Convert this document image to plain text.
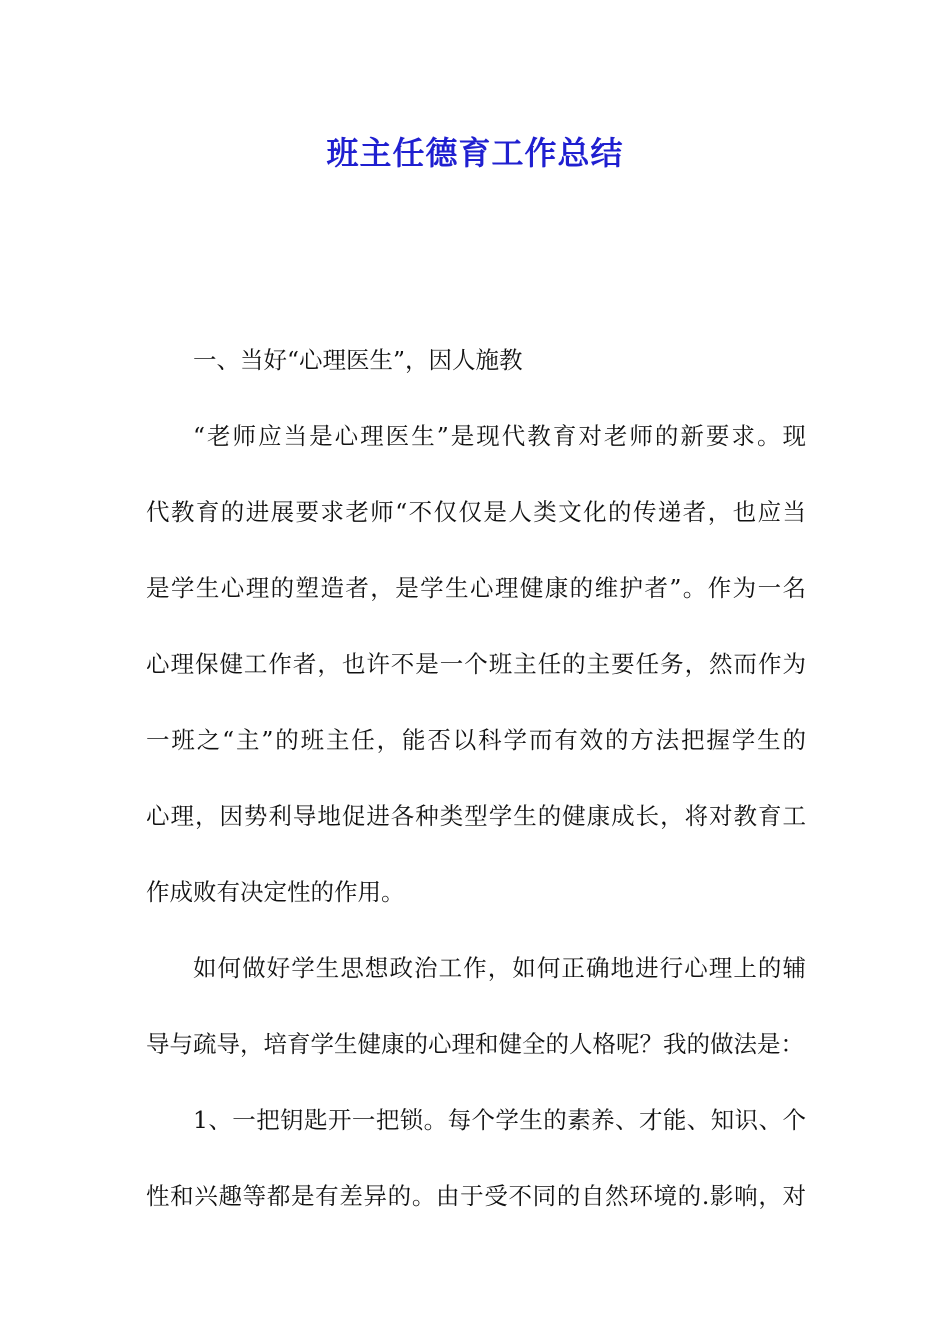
班主任德育工作总结
一、当好“心理医生”，因人施教
“老师应当是心理医生”是现代教育对老师的新要求。现
代教育的进展要求老师“不仅仅是人类文化的传递者，也应当
是学生心理的塑造者，是学生心理健康的维护者”。作为一名
心理保健工作者，也许不是一个班主任的主要任务，然而作为
一班之“主”的班主任，能否以科学而有效的方法把握学生的
心理，因势利导地促进各种类型学生的健康成长，将对教育工
作成败有决定性的作用。
如何做好学生思想政治工作，如何正确地进行心理上的辅
导与疏导，培育学生健康的心理和健全的人格呢？我的做法是：
1、一把钥匙开一把锁。每个学生的素养、才能、知识、个
性和兴趣等都是有差异的。由于受不同的自然环境的.影响，对
